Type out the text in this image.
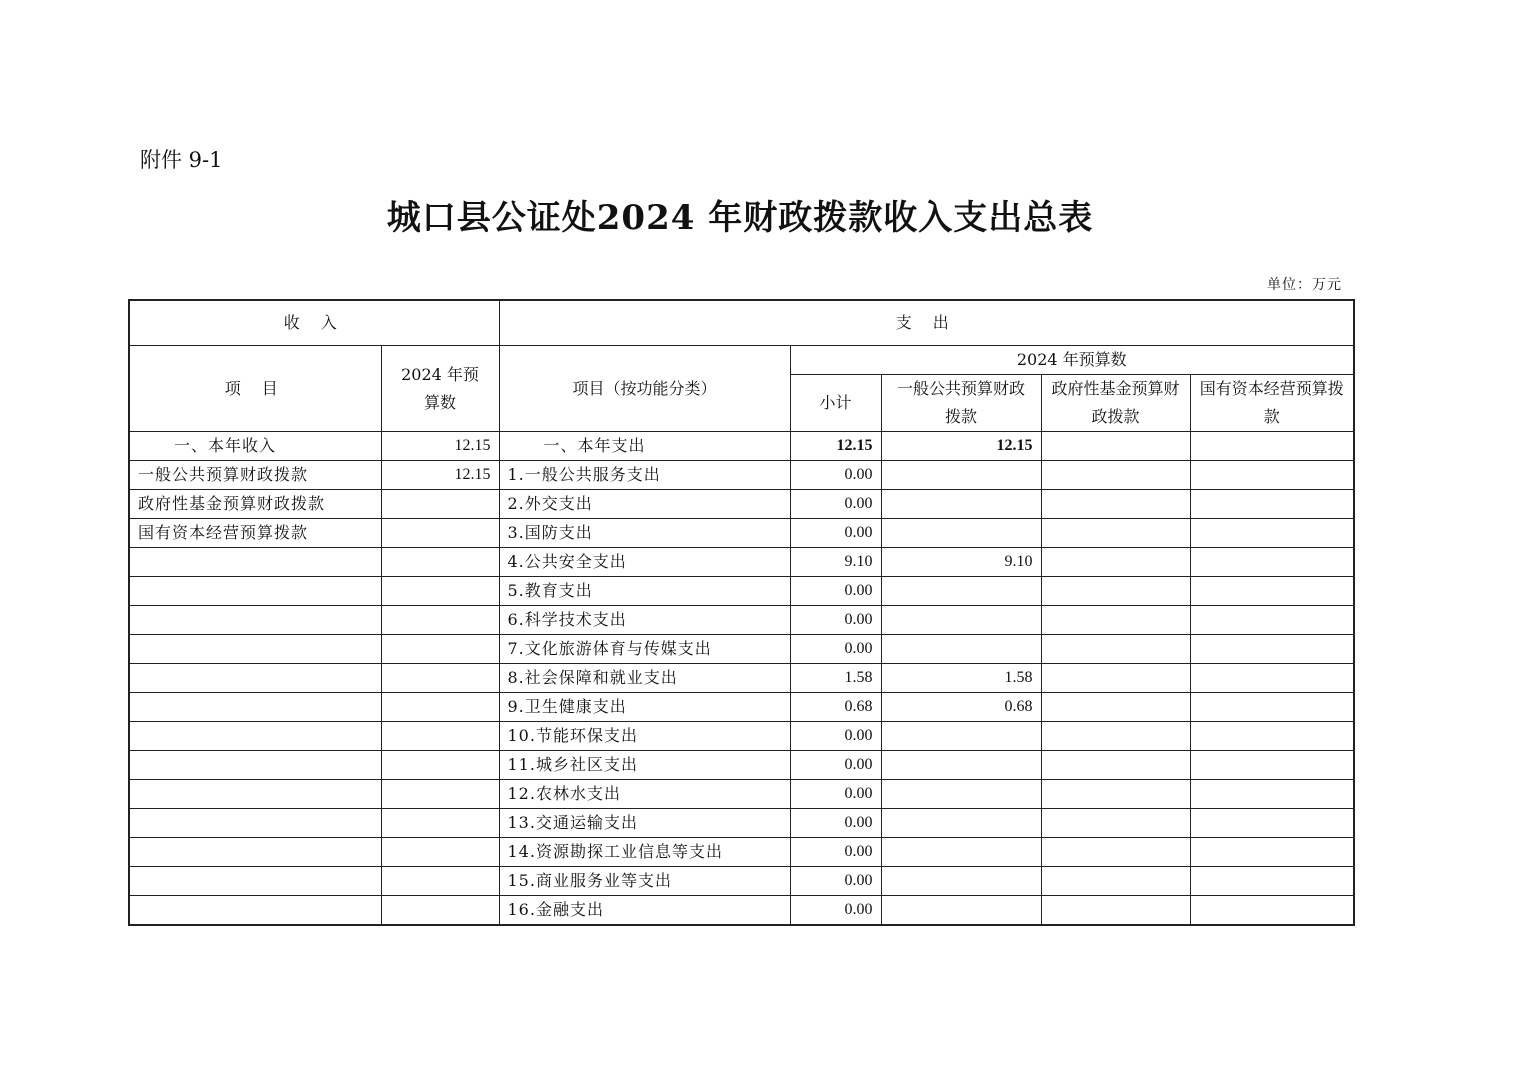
附件 9-1
城口县公证处2024 年财政拨款收入支出总表
单位：万元
收 入		支 出				
项 目	2024 年预算数	项目（按功能分类）	2024 年预算数			
			小计	一般公共预算财政拨款	政府性基金预算财政拨款	国有资本经营预算拨款
一、本年收入	12.15	一、本年支出	12.15	12.15		
一般公共预算财政拨款	12.15	1.一般公共服务支出	0.00			
政府性基金预算财政拨款		2.外交支出	0.00			
国有资本经营预算拨款		3.国防支出	0.00			
		4.公共安全支出	9.10	9.10		
		5.教育支出	0.00			
		6.科学技术支出	0.00			
		7.文化旅游体育与传媒支出	0.00			
		8.社会保障和就业支出	1.58	1.58		
		9.卫生健康支出	0.68	0.68		
		10.节能环保支出	0.00			
		11.城乡社区支出	0.00			
		12.农林水支出	0.00			
		13.交通运输支出	0.00			
		14.资源勘探工业信息等支出	0.00			
		15.商业服务业等支出	0.00			
		16.金融支出	0.00			
